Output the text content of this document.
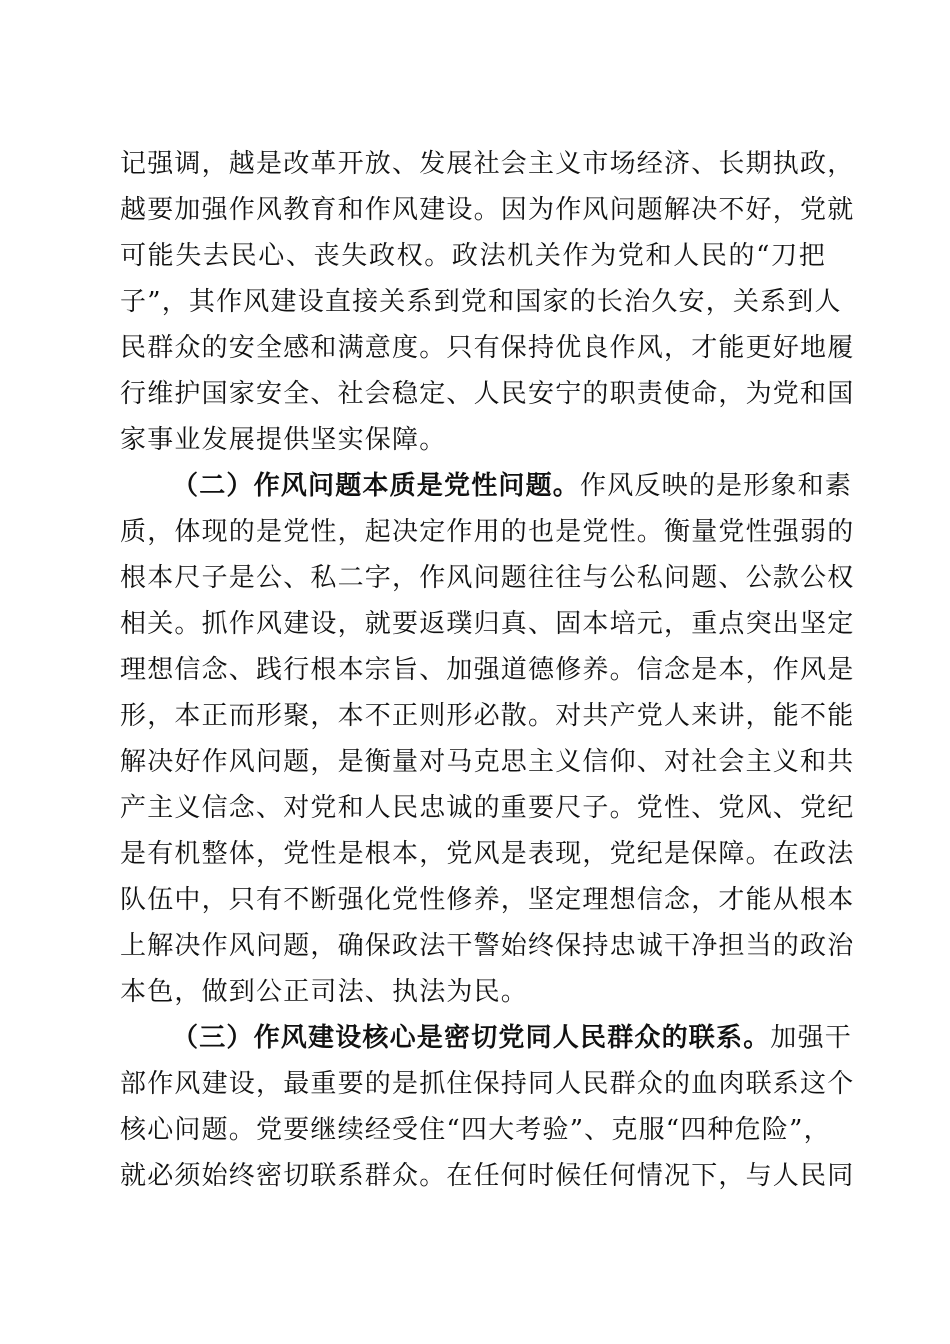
记强调，越是改革开放、发展社会主义市场经济、长期执政，
越要加强作风教育和作风建设。因为作风问题解决不好，党就
可能失去民心、丧失政权。政法机关作为党和人民的“刀把
子”，其作风建设直接关系到党和国家的长治久安，关系到人
民群众的安全感和满意度。只有保持优良作风，才能更好地履
行维护国家安全、社会稳定、人民安宁的职责使命，为党和国
家事业发展提供坚实保障。
（二）作风问题本质是党性问题。作风反映的是形象和素
质，体现的是党性，起决定作用的也是党性。衡量党性强弱的
根本尺子是公、私二字，作风问题往往与公私问题、公款公权
相关。抓作风建设，就要返璞归真、固本培元，重点突出坚定
理想信念、践行根本宗旨、加强道德修养。信念是本，作风是
形，本正而形聚，本不正则形必散。对共产党人来讲，能不能
解决好作风问题，是衡量对马克思主义信仰、对社会主义和共
产主义信念、对党和人民忠诚的重要尺子。党性、党风、党纪
是有机整体，党性是根本，党风是表现，党纪是保障。在政法
队伍中，只有不断强化党性修养，坚定理想信念，才能从根本
上解决作风问题，确保政法干警始终保持忠诚干净担当的政治
本色，做到公正司法、执法为民。
（三）作风建设核心是密切党同人民群众的联系。加强干
部作风建设，最重要的是抓住保持同人民群众的血肉联系这个
核心问题。党要继续经受住“四大考验”、克服“四种危险”，
就必须始终密切联系群众。在任何时候任何情况下，与人民同
